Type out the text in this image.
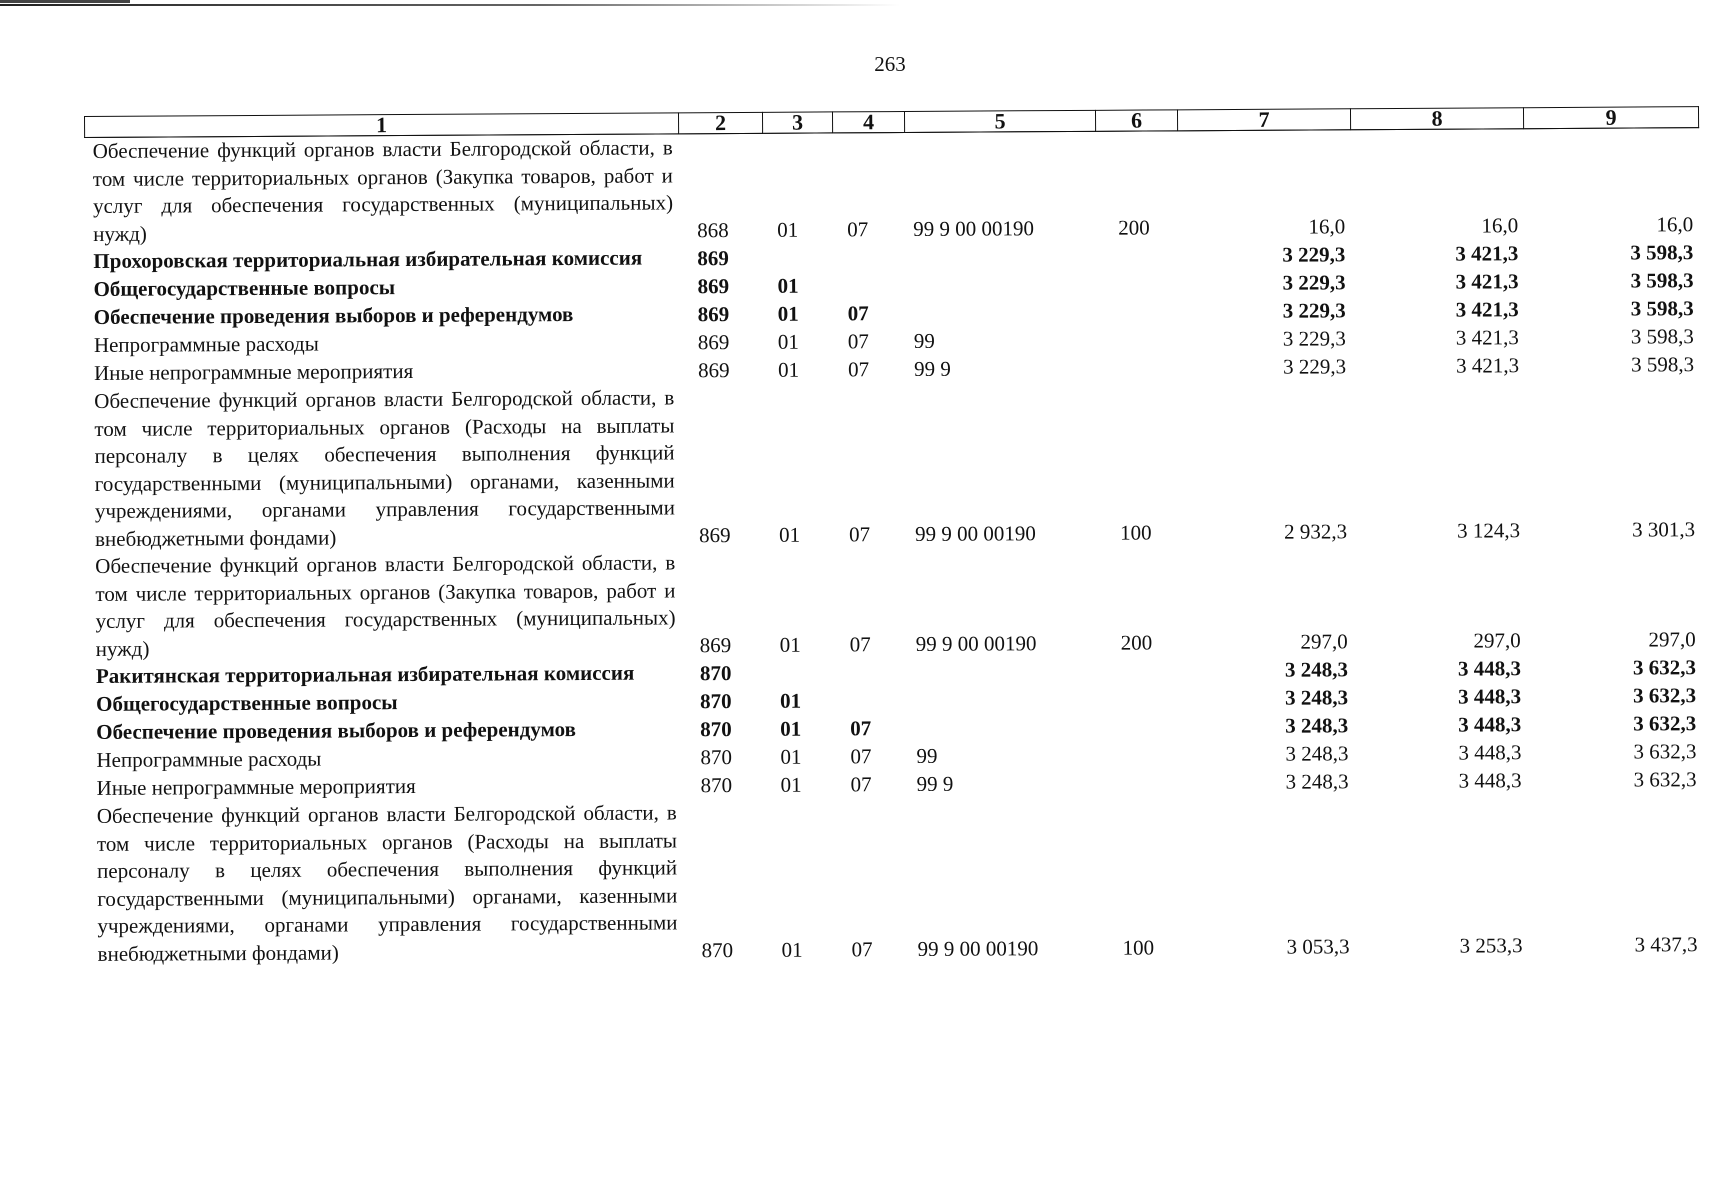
263
1	2	3	4	5	6	7	8	9
Обеспечение функций органов власти Белгородской области, в том числе территориальных органов (Закупка товаров, работ и услуг для обеспечения государственных (муниципальных) нужд)	868	01	07	99 9 00 00190	200	16,0	16,0	16,0
Прохоровская территориальная избирательная комиссия	869					3 229,3	3 421,3	3 598,3
Общегосударственные вопросы	869	01				3 229,3	3 421,3	3 598,3
Обеспечение проведения выборов и референдумов	869	01	07			3 229,3	3 421,3	3 598,3
Непрограммные расходы	869	01	07	99		3 229,3	3 421,3	3 598,3
Иные непрограммные мероприятия	869	01	07	99 9		3 229,3	3 421,3	3 598,3
Обеспечение функций органов власти Белгородской области, в том числе территориальных органов (Расходы на выплаты персоналу в целях обеспечения выполнения функций государственными (муниципальными) органами, казенными учреждениями, органами управления государственными внебюджетными фондами)	869	01	07	99 9 00 00190	100	2 932,3	3 124,3	3 301,3
Обеспечение функций органов власти Белгородской области, в том числе территориальных органов (Закупка товаров, работ и услуг для обеспечения государственных (муниципальных) нужд)	869	01	07	99 9 00 00190	200	297,0	297,0	297,0
Ракитянская территориальная избирательная комиссия	870					3 248,3	3 448,3	3 632,3
Общегосударственные вопросы	870	01				3 248,3	3 448,3	3 632,3
Обеспечение проведения выборов и референдумов	870	01	07			3 248,3	3 448,3	3 632,3
Непрограммные расходы	870	01	07	99		3 248,3	3 448,3	3 632,3
Иные непрограммные мероприятия	870	01	07	99 9		3 248,3	3 448,3	3 632,3
Обеспечение функций органов власти Белгородской области, в том числе территориальных органов (Расходы на выплаты персоналу в целях обеспечения выполнения функций государственными (муниципальными) органами, казенными учреждениями, органами управления государственными внебюджетными фондами)	870	01	07	99 9 00 00190	100	3 053,3	3 253,3	3 437,3
